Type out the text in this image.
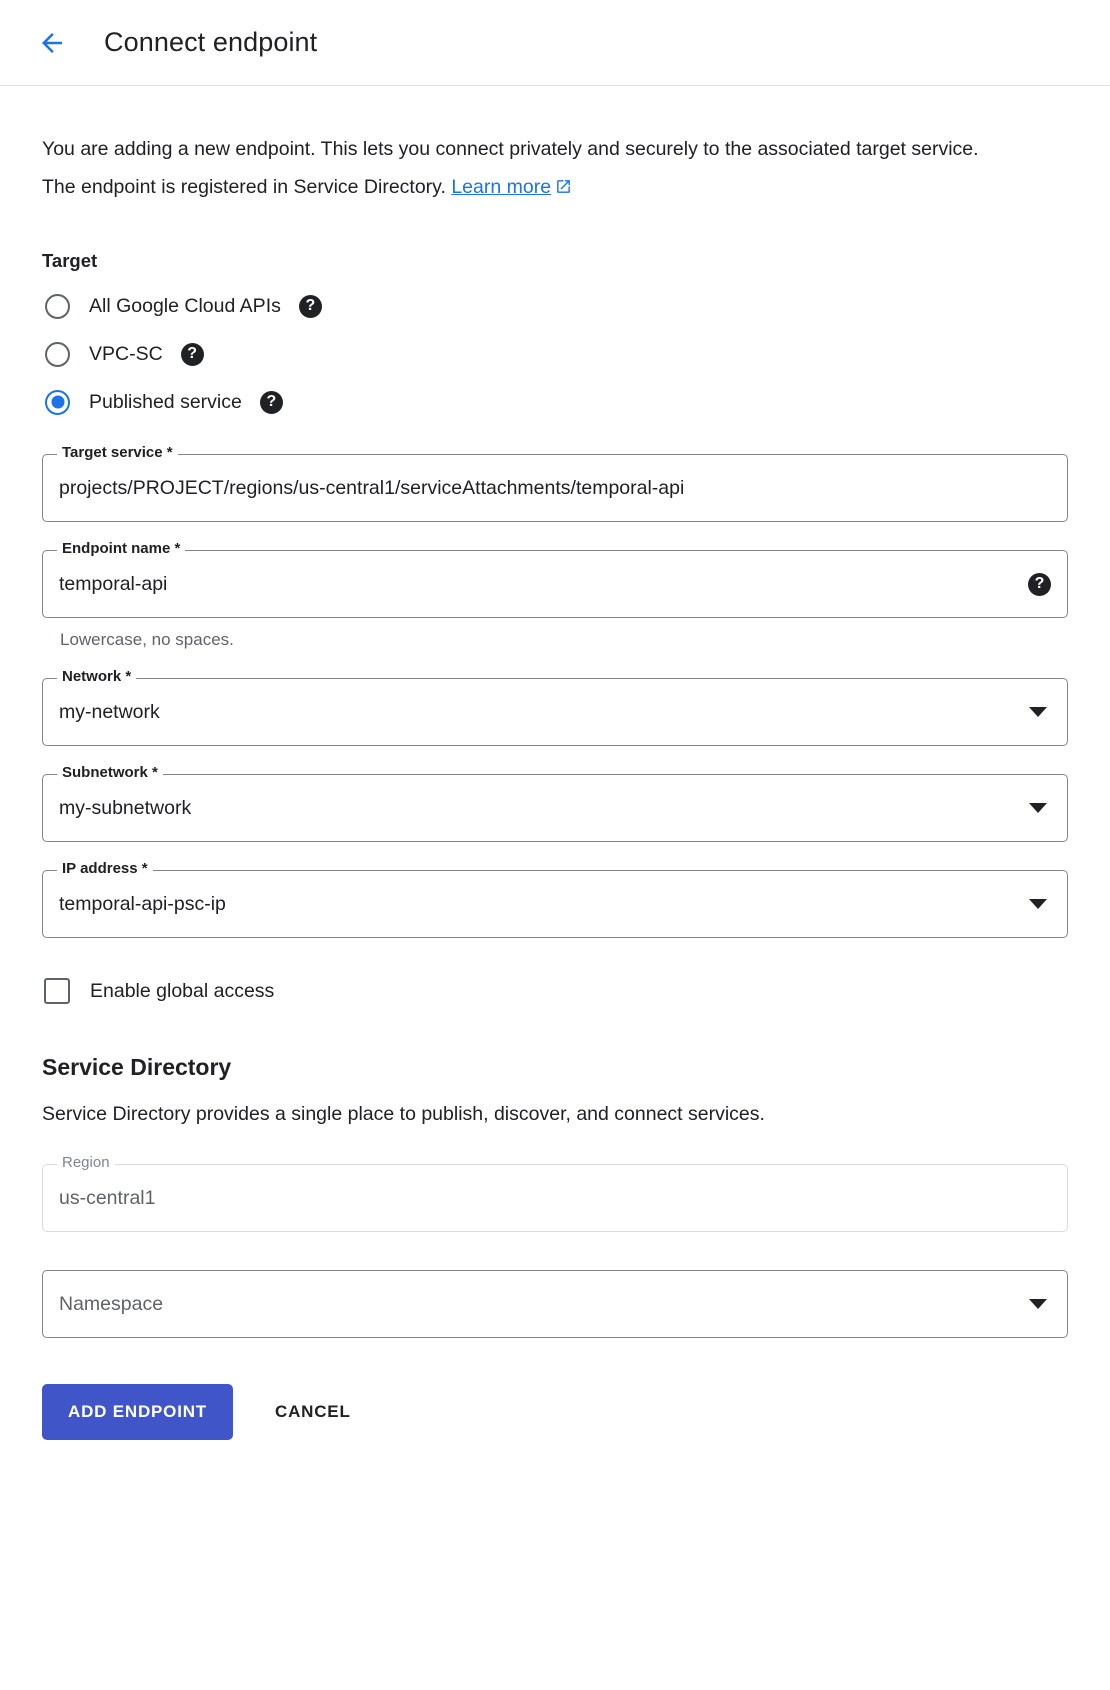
Connect endpoint

You are adding a new endpoint. This lets you connect privately and securely to the associated target service. The endpoint is registered in Service Directory. Learn more

Target
All Google Cloud APIs	?
VPC-SC	?
Published service	?
Target service *
projects/PROJECT/regions/us-central1/serviceAttachments/temporal-api
Endpoint name *
temporal-api	?
Lowercase, no spaces.
Network *
my-network
Subnetwork *
my-subnetwork
IP address *
temporal-api-psc-ip
Enable global access
Service Directory
Service Directory provides a single place to publish, discover, and connect services.
Region
us-central1
Namespace
ADD ENDPOINT	CANCEL
